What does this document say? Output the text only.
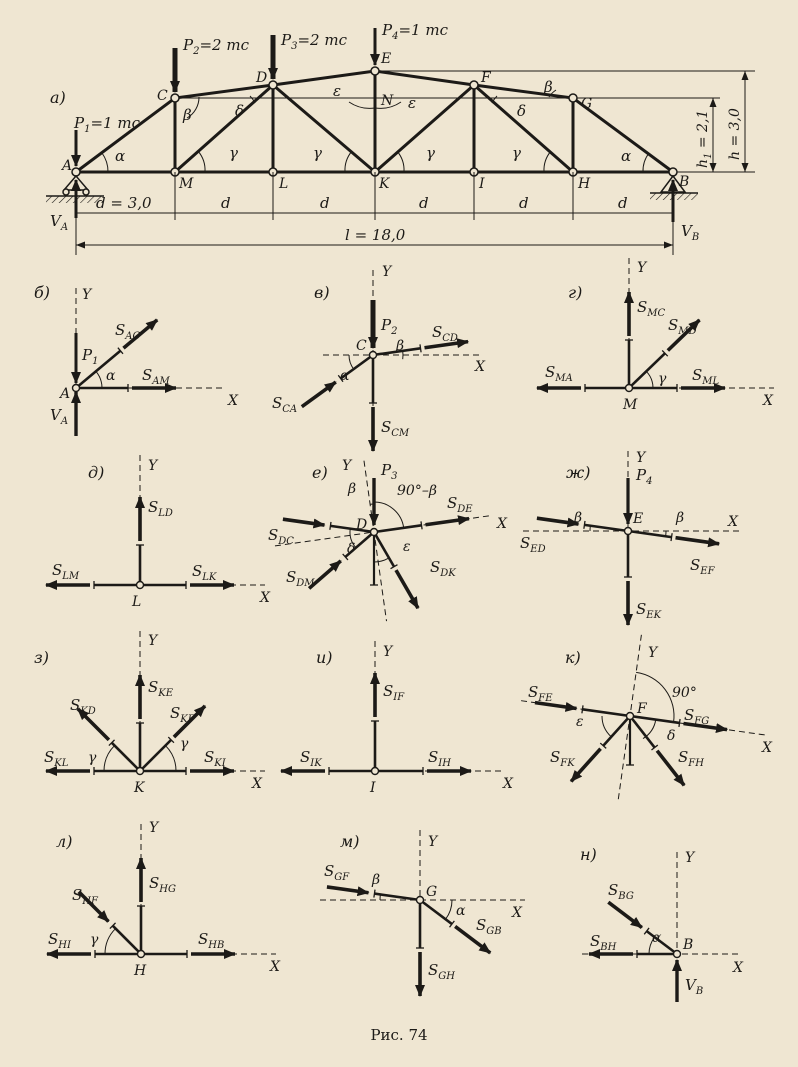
а)
$P_1=1$ тс
$P_2=2$ тс $P_3=2$ тс
$P_4=1$ тс
A
C
D
E
F
G
N
M	L	K	I	H	B
α	α
β
β
γ	γ	γ	γ
δ	δ
ε
ε
d = 3,0	d	d	d	d	d
l = 18,0
$h_1 = 2,1$ h = 3,0
$V_A$	$V_B$
б) Y
X
A
$P_1$
$S_{AC}$
$S_{AM}$
$V_A$
α
в)
Y
X
C
$P_2$ $S_{CD}$
$S_{CA}$
$S_{CM}$
β
α
г)
Y
X
M
$S_{MC}$
$S_{MD}$
$S_{MA}$	$S_{ML}$
γ
д)	Y
X
L
$S_{LD}$
$S_{LM}$	$S_{LK}$
е) Y
X
D
$P_3$
$S_{DE}$
$S_{DC}$
$S_{DM}$
$S_{DK}$
β	90°–β
δ	ε
ж)
Y
X
E
$P_4$
$S_{ED}$
$S_{EF}$
$S_{EK}$
β	β
з)
Y
X
K
$S_{KE}$
$S_{KD}$	$S_{KF}$
$S_{KL}$	$S_{KI}$
γ
γ
и)	Y
X
I
$S_{IF}$
$S_{IK}$	$S_{IH}$
к)	Y
X
F
$S_{FE}$
$S_{FG}$
$S_{FK}$	$S_{FH}$
90°
ε
δ
л)
Y
X
H
$S_{HG}$
$S_{HF}$
$S_{HI}$	$S_{HB}$
γ
м)	Y
X
G
$S_{GF}$
$S_{GB}$
$S_{GH}$
β
α
н)	Y
X
B
$S_{BG}$
$S_{BH}$
$V_B$
α
Рис. 74
